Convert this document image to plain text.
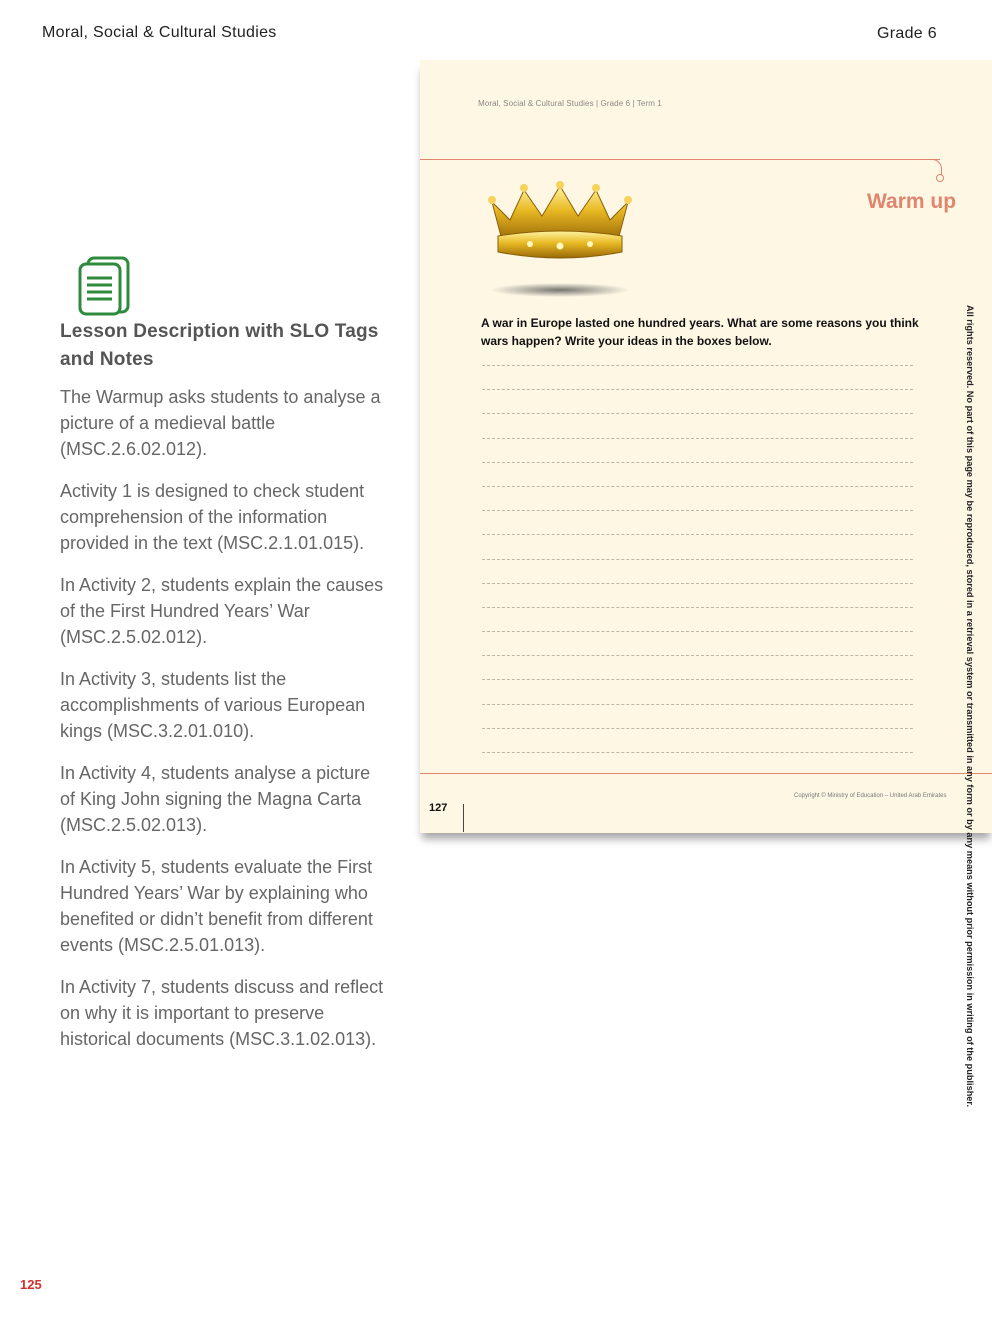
Moral, Social & Cultural Studies	Grade 6
Lesson Description with SLO Tags and Notes

The Warmup asks students to analyse a picture of a medieval battle (MSC.2.6.02.012).

Activity 1 is designed to check student comprehension of the information provided in the text (MSC.2.1.01.015).

In Activity 2, students explain the causes of the First Hundred Years’ War (MSC.2.5.02.012).

In Activity 3, students list the accomplishments of various European kings (MSC.3.2.01.010).

In Activity 4, students analyse a picture of King John signing the Magna Carta (MSC.2.5.02.013).

In Activity 5, students evaluate the First Hundred Years’ War by explaining who benefited or didn’t benefit from different events (MSC.2.5.01.013).

In Activity 7, students discuss and reflect on why it is important to preserve historical documents (MSC.3.1.02.013).

125
Moral, Social & Cultural Studies | Grade 6 | Term 1
Warm up
A war in Europe lasted one hundred years. What are some reasons you think wars happen? Write your ideas in the boxes below.
127
Copyright © Ministry of Education – United Arab Emirates All rights reserved. No part of this page may be reproduced, stored in a retrieval system or transmitted in any form or by any means without prior permission in writing of the publisher.
